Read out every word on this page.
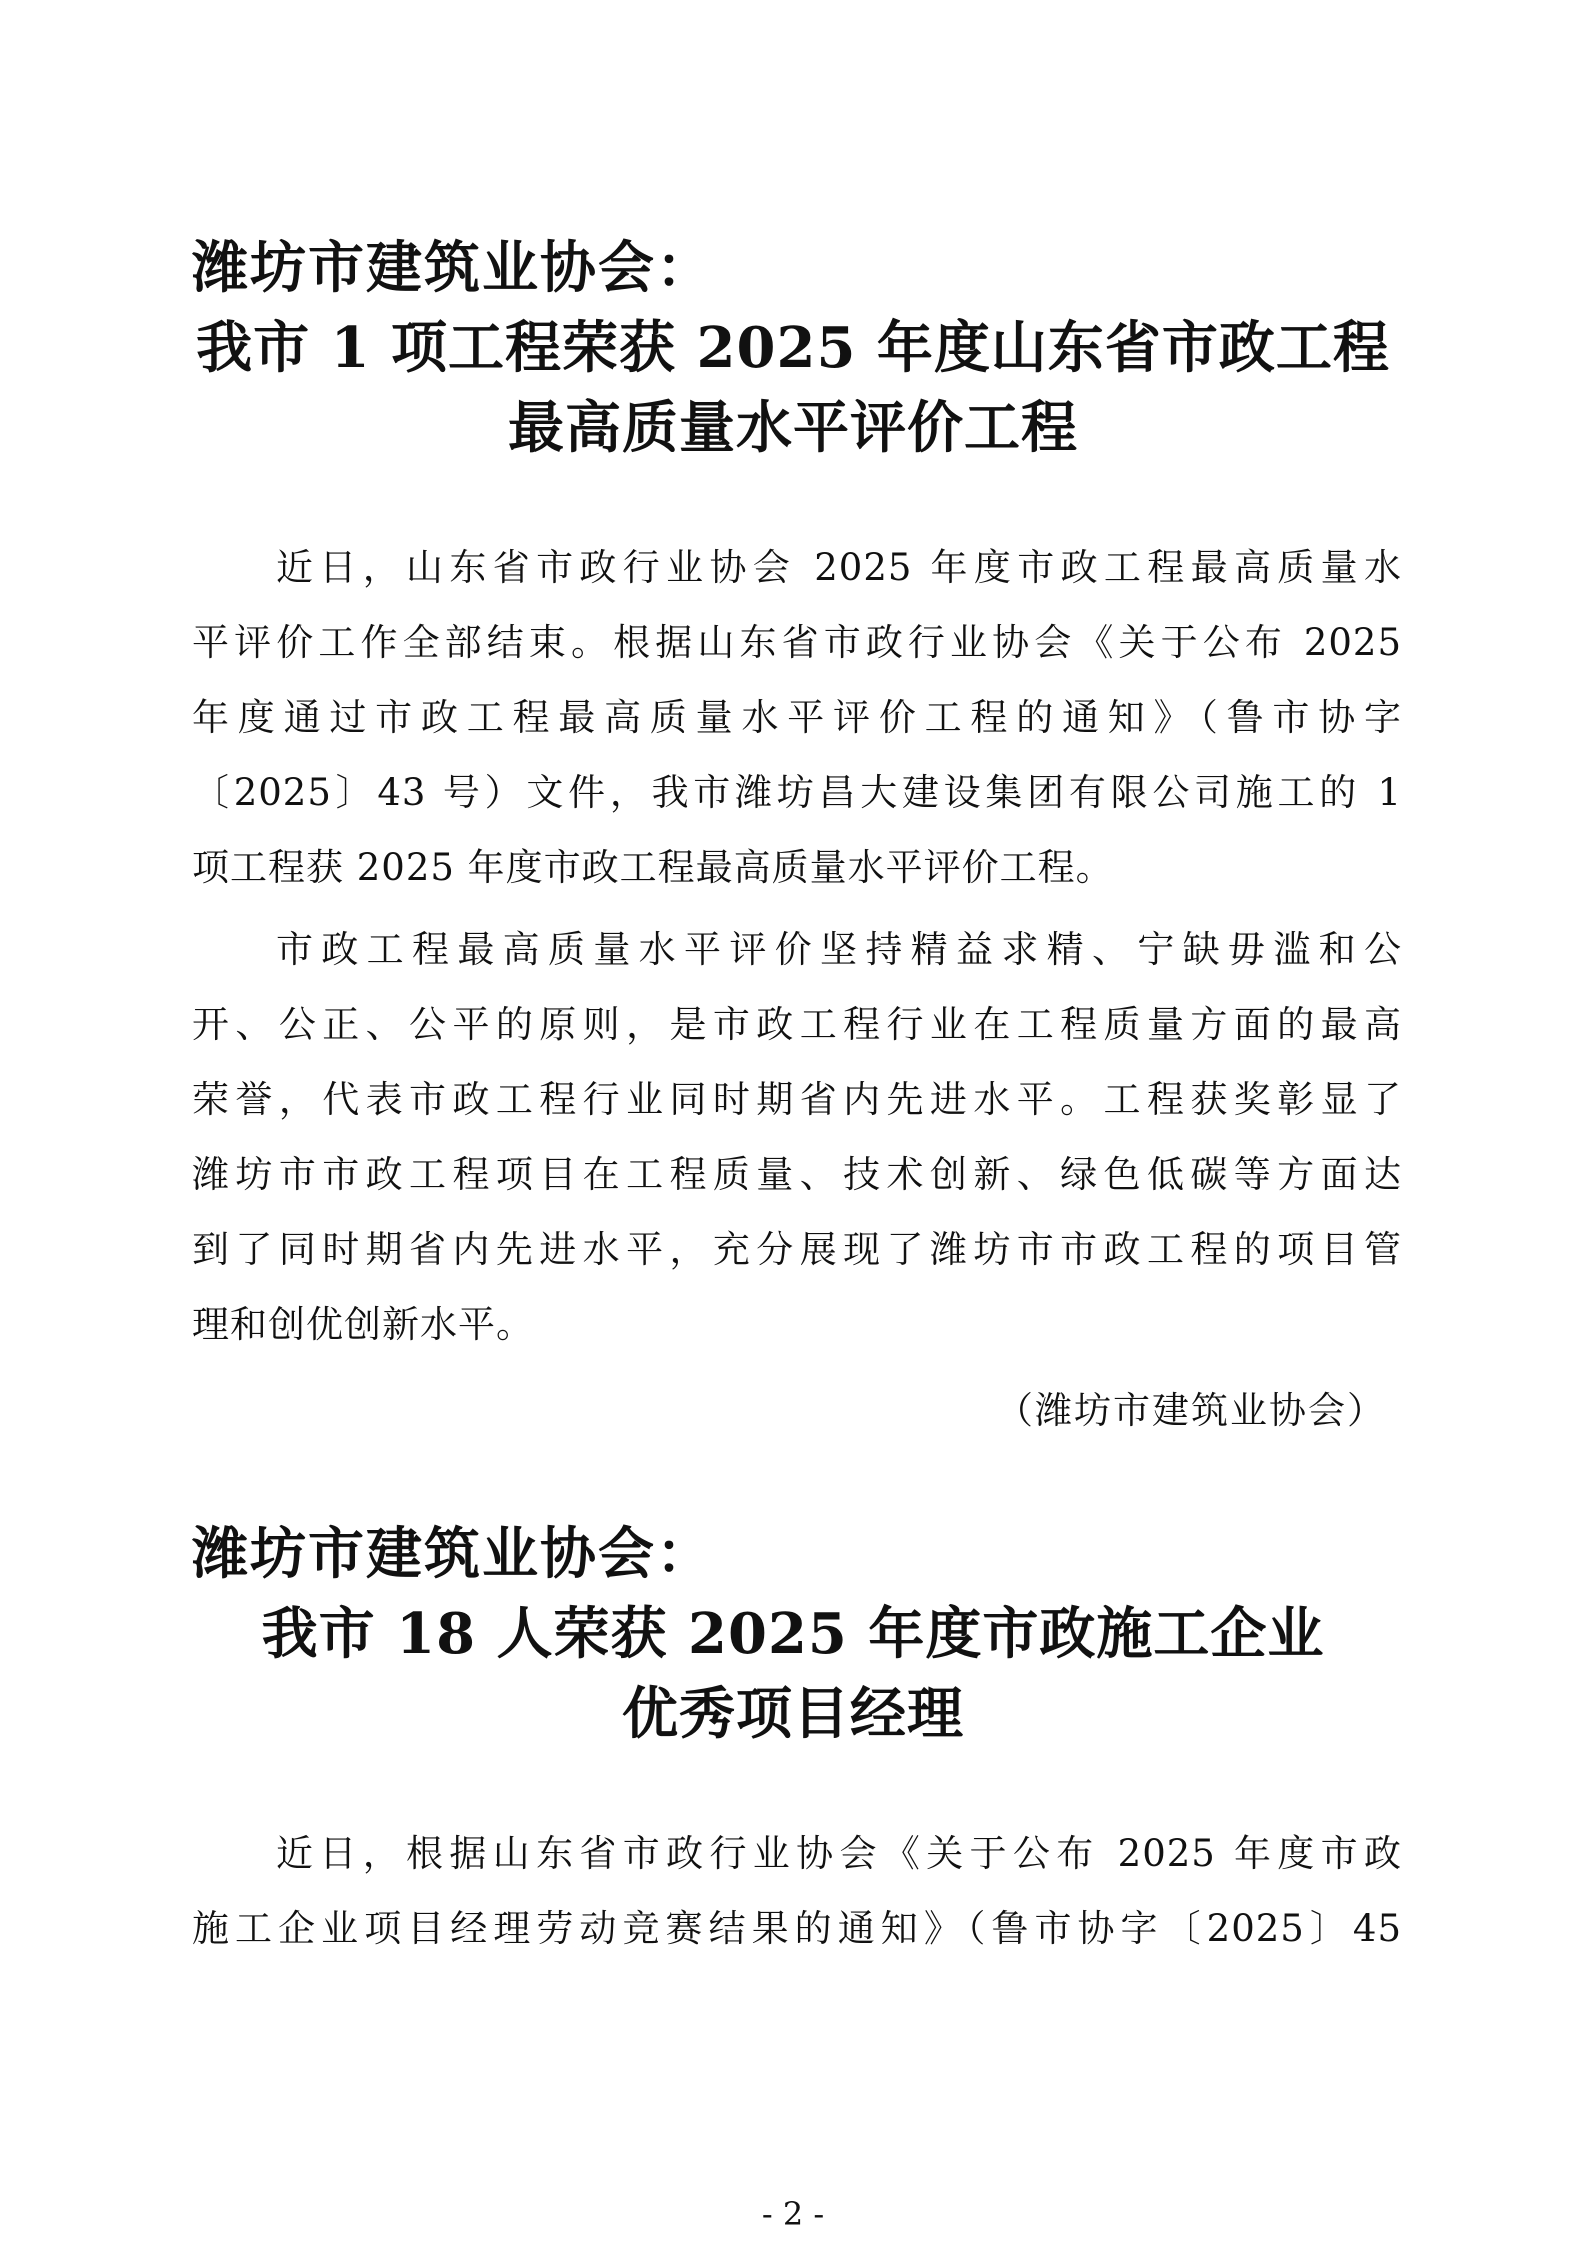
潍坊市建筑业协会：
我市 1 项工程荣获 2025 年度山东省市政工程
最高质量水平评价工程
近日，山东省市政行业协会 2025 年度市政工程最高质量水
平评价工作全部结束。根据山东省市政行业协会《关于公布 2025
年度通过市政工程最高质量水平评价工程的通知》（鲁市协字
〔2025〕43 号）文件，我市潍坊昌大建设集团有限公司施工的 1
项工程获 2025 年度市政工程最高质量水平评价工程。
市政工程最高质量水平评价坚持精益求精、宁缺毋滥和公
开、公正、公平的原则，是市政工程行业在工程质量方面的最高
荣誉，代表市政工程行业同时期省内先进水平。工程获奖彰显了
潍坊市市政工程项目在工程质量、技术创新、绿色低碳等方面达
到了同时期省内先进水平，充分展现了潍坊市市政工程的项目管
理和创优创新水平。
（潍坊市建筑业协会）
潍坊市建筑业协会：
我市 18 人荣获 2025 年度市政施工企业
优秀项目经理
近日，根据山东省市政行业协会《关于公布 2025 年度市政
施工企业项目经理劳动竞赛结果的通知》（鲁市协字〔2025〕45
- 2 -
